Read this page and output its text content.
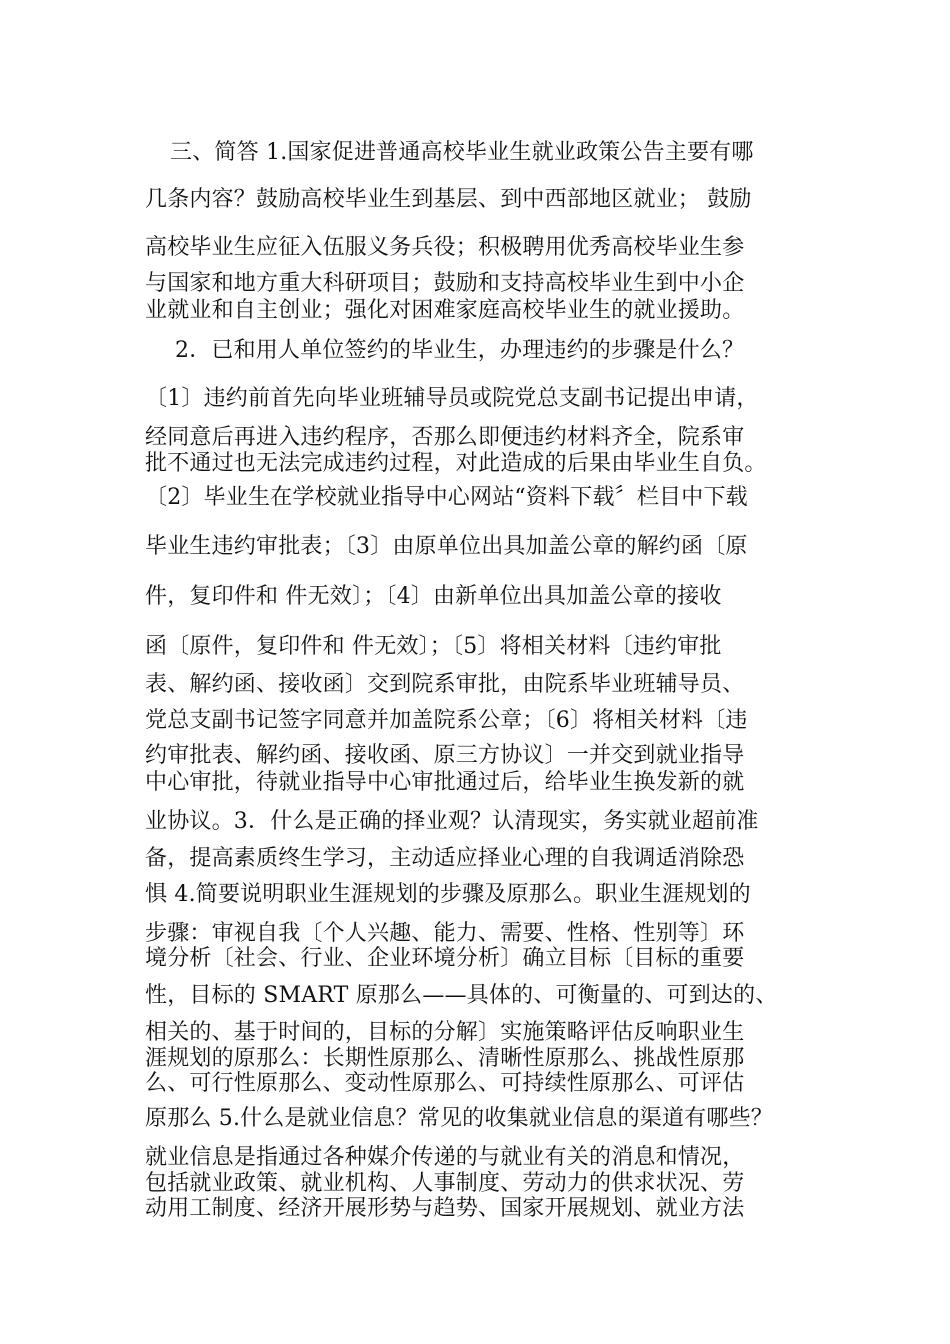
三、简答 1.国家促进普通高校毕业生就业政策公告主要有哪
几条内容？鼓励高校毕业生到基层、到中西部地区就业； 鼓励
高校毕业生应征入伍服义务兵役；积极聘用优秀高校毕业生参
与国家和地方重大科研项目；鼓励和支持高校毕业生到中小企
业就业和自主创业；强化对困难家庭高校毕业生的就业援助。
2．已和用人单位签约的毕业生，办理违约的步骤是什么？
〔1〕违约前首先向毕业班辅导员或院党总支副书记提出申请，
经同意后再进入违约程序，否那么即便违约材料齐全，院系审
批不通过也无法完成违约过程，对此造成的后果由毕业生自负。
〔2〕毕业生在学校就业指导中心网站“资料下载〞栏目中下载
毕业生违约审批表；〔3〕由原单位出具加盖公章的解约函〔原
件，复印件和 件无效〕；〔4〕由新单位出具加盖公章的接收
函〔原件，复印件和 件无效〕；〔5〕将相关材料〔违约审批
表、解约函、接收函〕交到院系审批，由院系毕业班辅导员、
党总支副书记签字同意并加盖院系公章；〔6〕将相关材料〔违
约审批表、解约函、接收函、原三方协议〕一并交到就业指导
中心审批，待就业指导中心审批通过后，给毕业生换发新的就
业协议。3．什么是正确的择业观？认清现实，务实就业超前准
备，提高素质终生学习，主动适应择业心理的自我调适消除恐
惧 4.简要说明职业生涯规划的步骤及原那么。职业生涯规划的
步骤：审视自我〔个人兴趣、能力、需要、性格、性别等〕环
境分析〔社会、行业、企业环境分析〕确立目标〔目标的重要
性，目标的 SMART 原那么——具体的、可衡量的、可到达的、
相关的、基于时间的，目标的分解〕实施策略评估反响职业生
涯规划的原那么：长期性原那么、清晰性原那么、挑战性原那
么、可行性原那么、变动性原那么、可持续性原那么、可评估
原那么 5.什么是就业信息？常见的收集就业信息的渠道有哪些？
就业信息是指通过各种媒介传递的与就业有关的消息和情况，
包括就业政策、就业机构、人事制度、劳动力的供求状况、劳
动用工制度、经济开展形势与趋势、国家开展规划、就业方法
